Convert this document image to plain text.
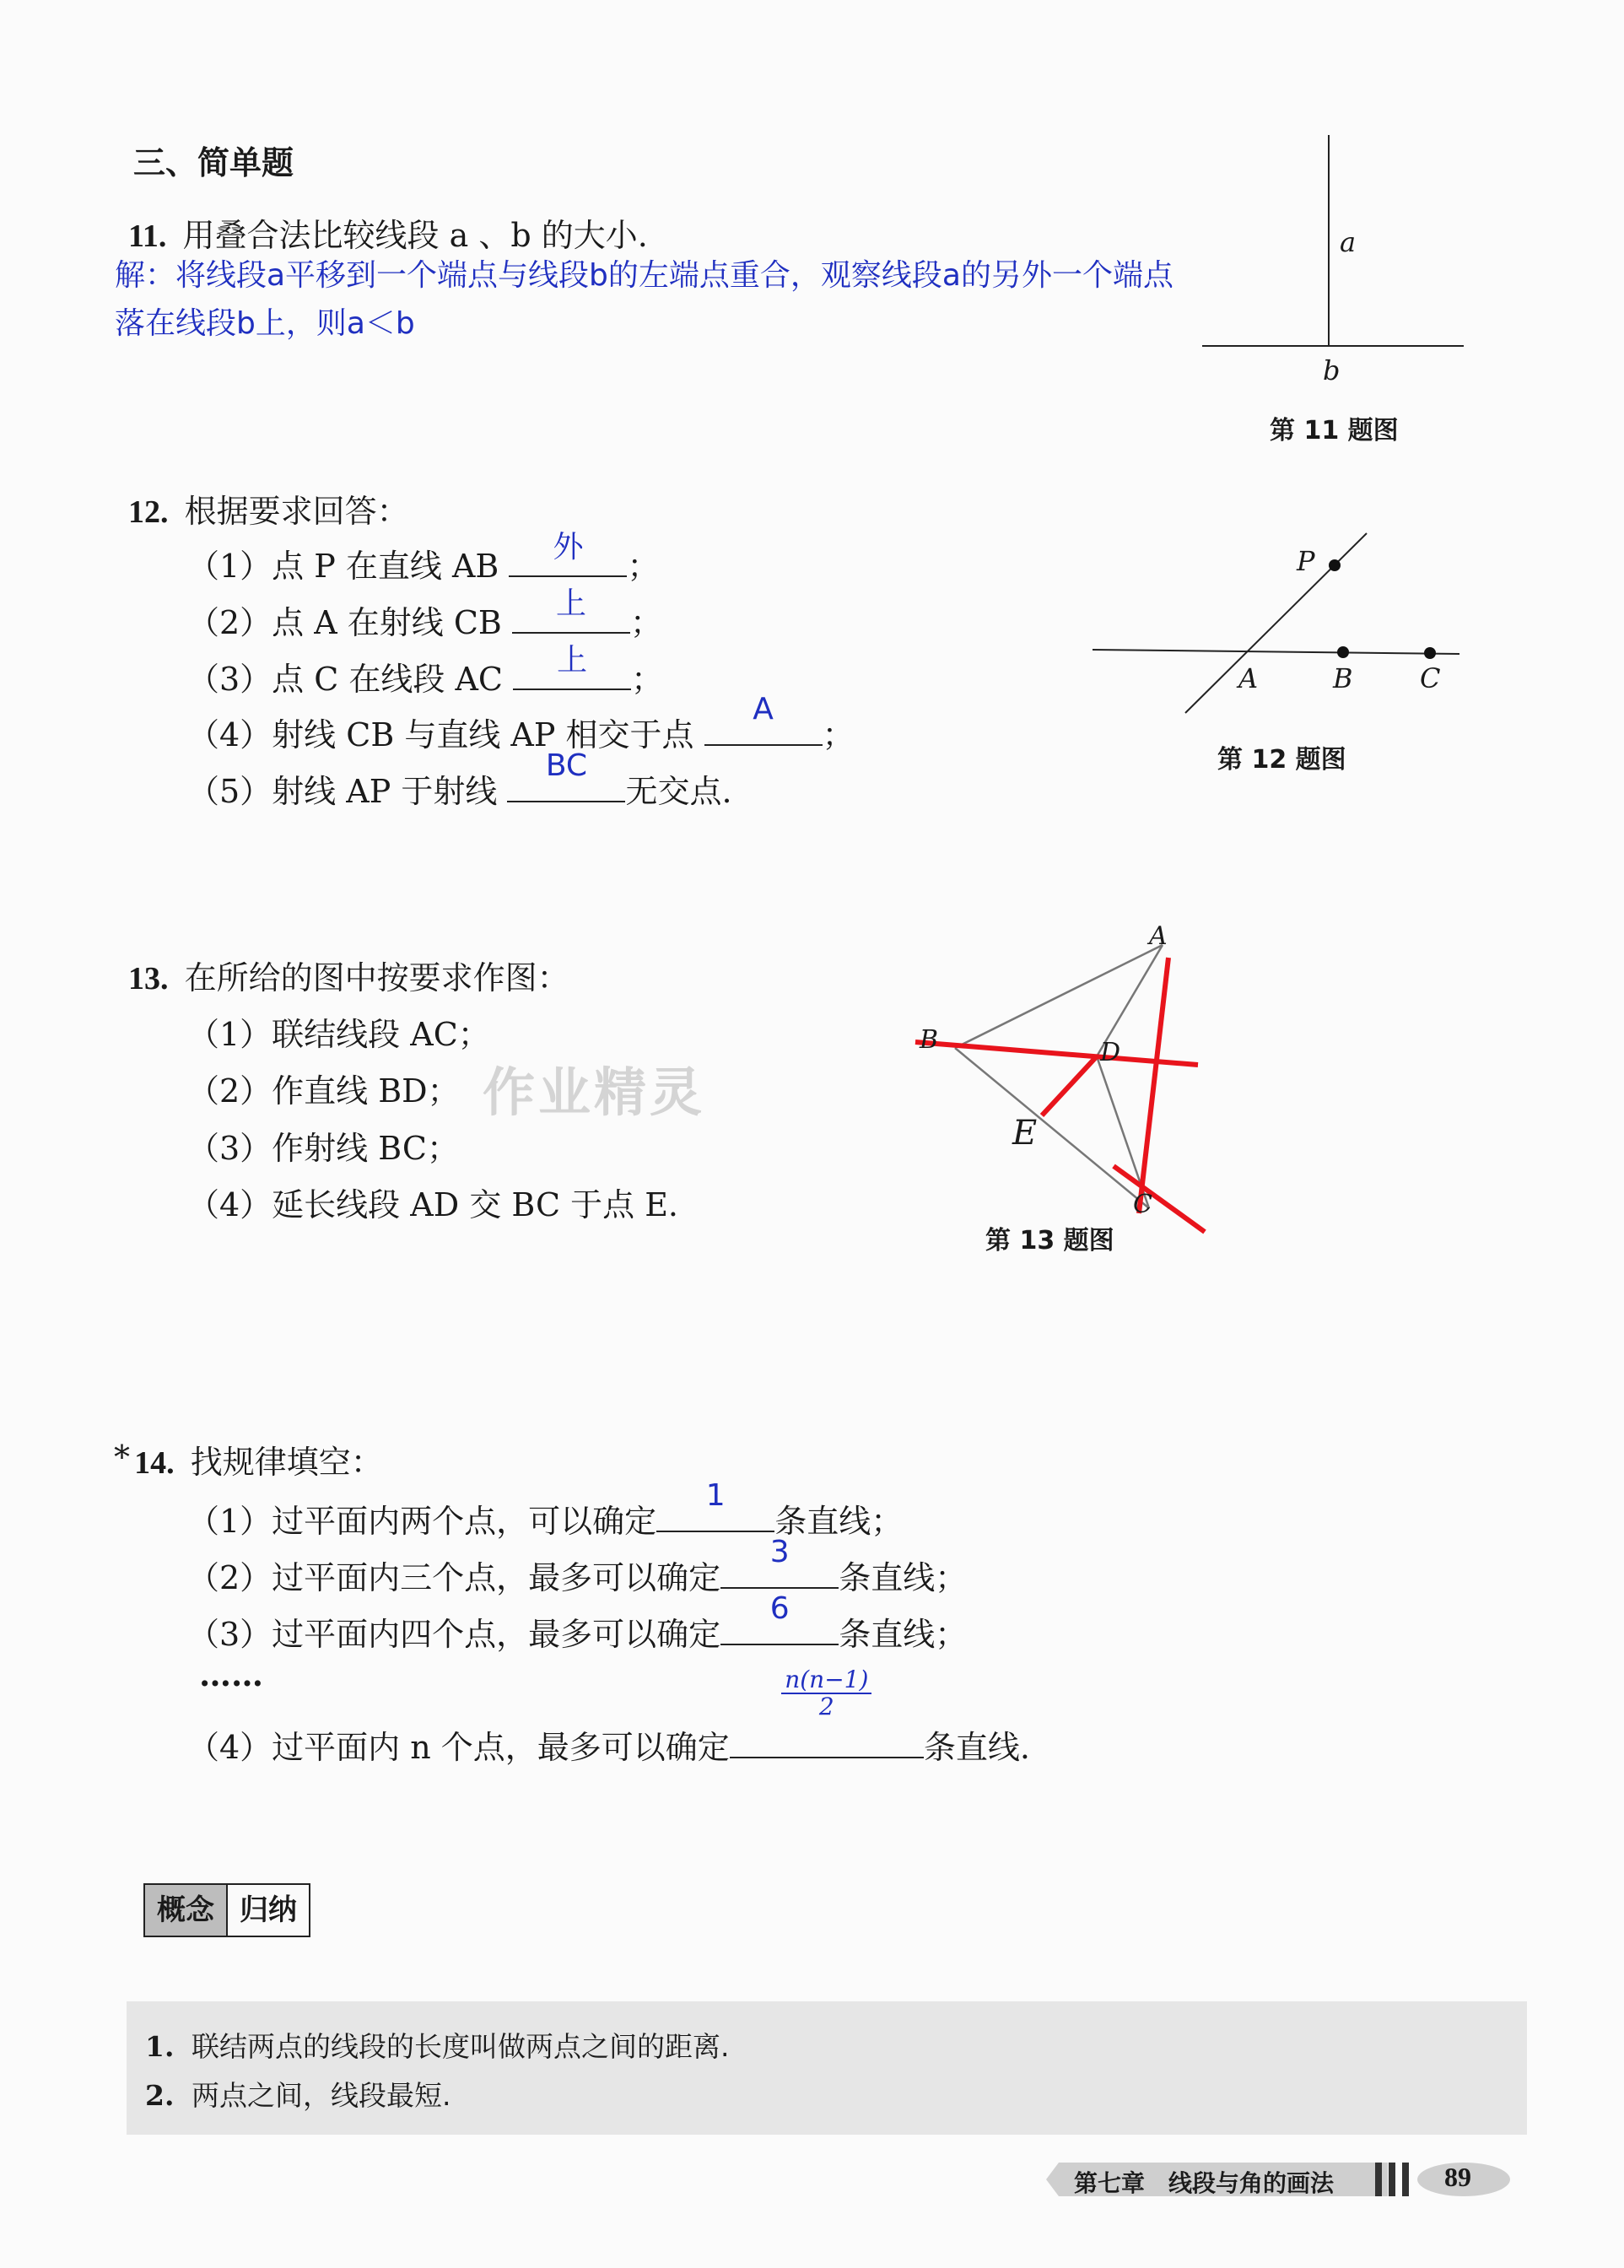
三、简单题
11. 用叠合法比较线段 a 、b 的大小.
解：将线段a平移到一个端点与线段b的左端点重合，观察线段a的另外一个端点
落在线段b上，则a＜b
a
b
第 11 题图
12. 根据要求回答：
（1）点 P 在直线 AB
外
；
（2）点 A 在射线 CB
上
；
（3）点 C 在线段 AC
上
；
（4）射线 CB 与直线 AP 相交于点
A
；
（5）射线 AP 于射线
BC
无交点.
P
A	B C
第 12 题图
13. 在所给的图中按要求作图：
（1）联结线段 AC；
（2）作直线 BD；
（3）作射线 BC；
（4）延长线段 AD 交 BC 于点 E.
作业精灵
A
B	D
E
C
第 13 题图
* 14. 找规律填空：
（1）过平面内两个点，可以确定
1
条直线；
（2）过平面内三个点，最多可以确定
3
条直线；
（3）过平面内四个点，最多可以确定
6
条直线；
……
（4）过平面内 n 个点，最多可以确定
$\frac{n(n-1)}{2}$
条直线.
概念 归纳
1. 联结两点的线段的长度叫做两点之间的距离.
2. 两点之间，线段最短.
第七章　线段与角的画法	89
